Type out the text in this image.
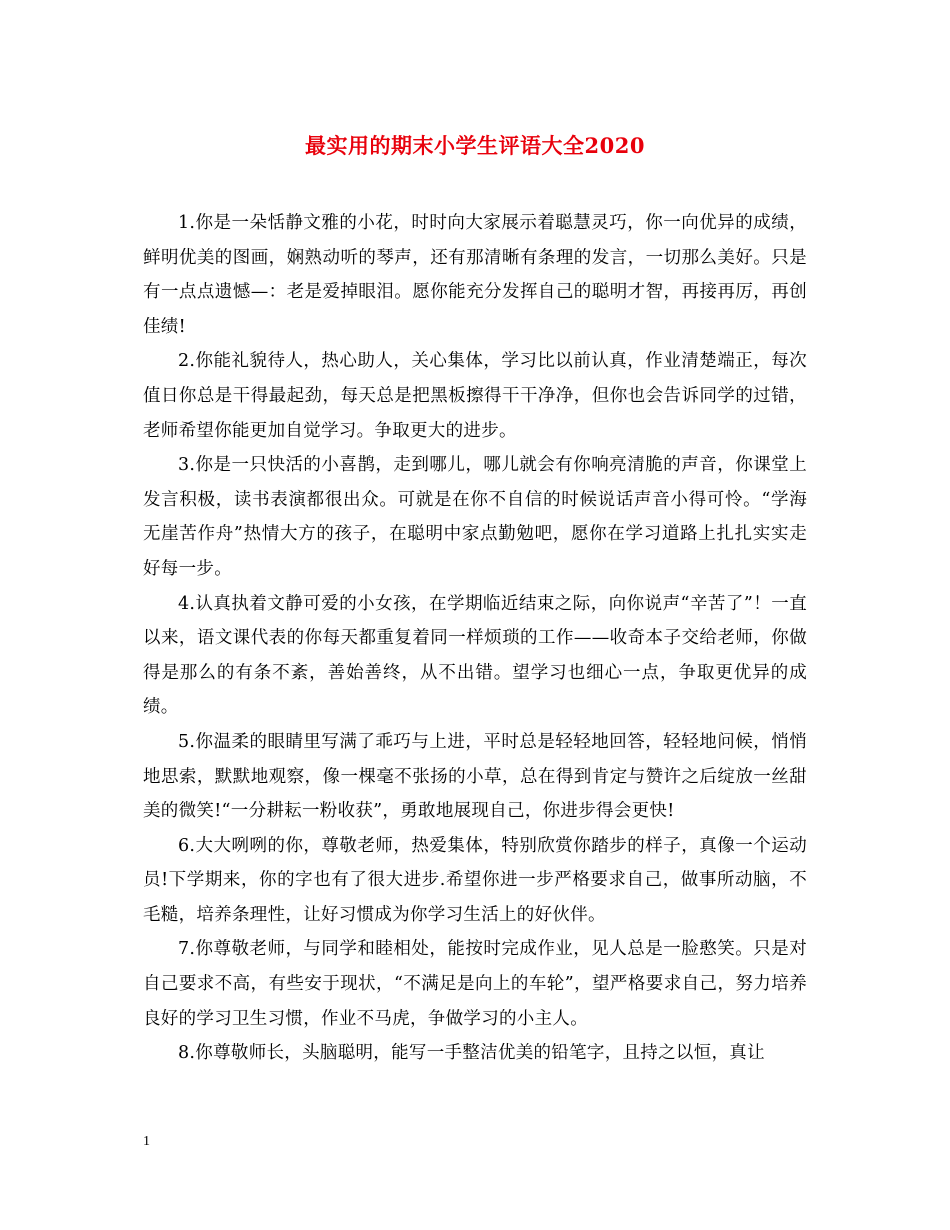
最实用的期末小学生评语大全2020

1.你是一朵恬静文雅的小花，时时向大家展示着聪慧灵巧，你一向优异的成绩，鲜明优美的图画，娴熟动听的琴声，还有那清晰有条理的发言，一切那么美好。只是有一点点遗憾—：老是爱掉眼泪。愿你能充分发挥自己的聪明才智，再接再厉，再创佳绩!

2.你能礼貌待人，热心助人，关心集体，学习比以前认真，作业清楚端正，每次值日你总是干得最起劲，每天总是把黑板擦得干干净净，但你也会告诉同学的过错，老师希望你能更加自觉学习。争取更大的进步。

3.你是一只快活的小喜鹊，走到哪儿，哪儿就会有你响亮清脆的声音，你课堂上发言积极，读书表演都很出众。可就是在你不自信的时候说话声音小得可怜。“学海无崖苦作舟”热情大方的孩子，在聪明中家点勤勉吧，愿你在学习道路上扎扎实实走好每一步。

4.认真执着文静可爱的小女孩，在学期临近结束之际，向你说声“辛苦了”！一直以来，语文课代表的你每天都重复着同一样烦琐的工作——收奇本子交给老师，你做得是那么的有条不紊，善始善终，从不出错。望学习也细心一点，争取更优异的成绩。

5.你温柔的眼睛里写满了乖巧与上进，平时总是轻轻地回答，轻轻地问候，悄悄地思索，默默地观察，像一棵毫不张扬的小草，总在得到肯定与赞许之后绽放一丝甜美的微笑!“一分耕耘一粉收获”，勇敢地展现自己，你进步得会更快!

6.大大咧咧的你，尊敬老师，热爱集体，特别欣赏你踏步的样子，真像一个运动员!下学期来，你的字也有了很大进步.希望你进一步严格要求自己，做事所动脑，不毛糙，培养条理性，让好习惯成为你学习生活上的好伙伴。

7.你尊敬老师，与同学和睦相处，能按时完成作业，见人总是一脸憨笑。只是对自己要求不高，有些安于现状，“不满足是向上的车轮”，望严格要求自己，努力培养良好的学习卫生习惯，作业不马虎，争做学习的小主人。

8.你尊敬师长，头脑聪明，能写一手整洁优美的铅笔字，且持之以恒，真让

1
